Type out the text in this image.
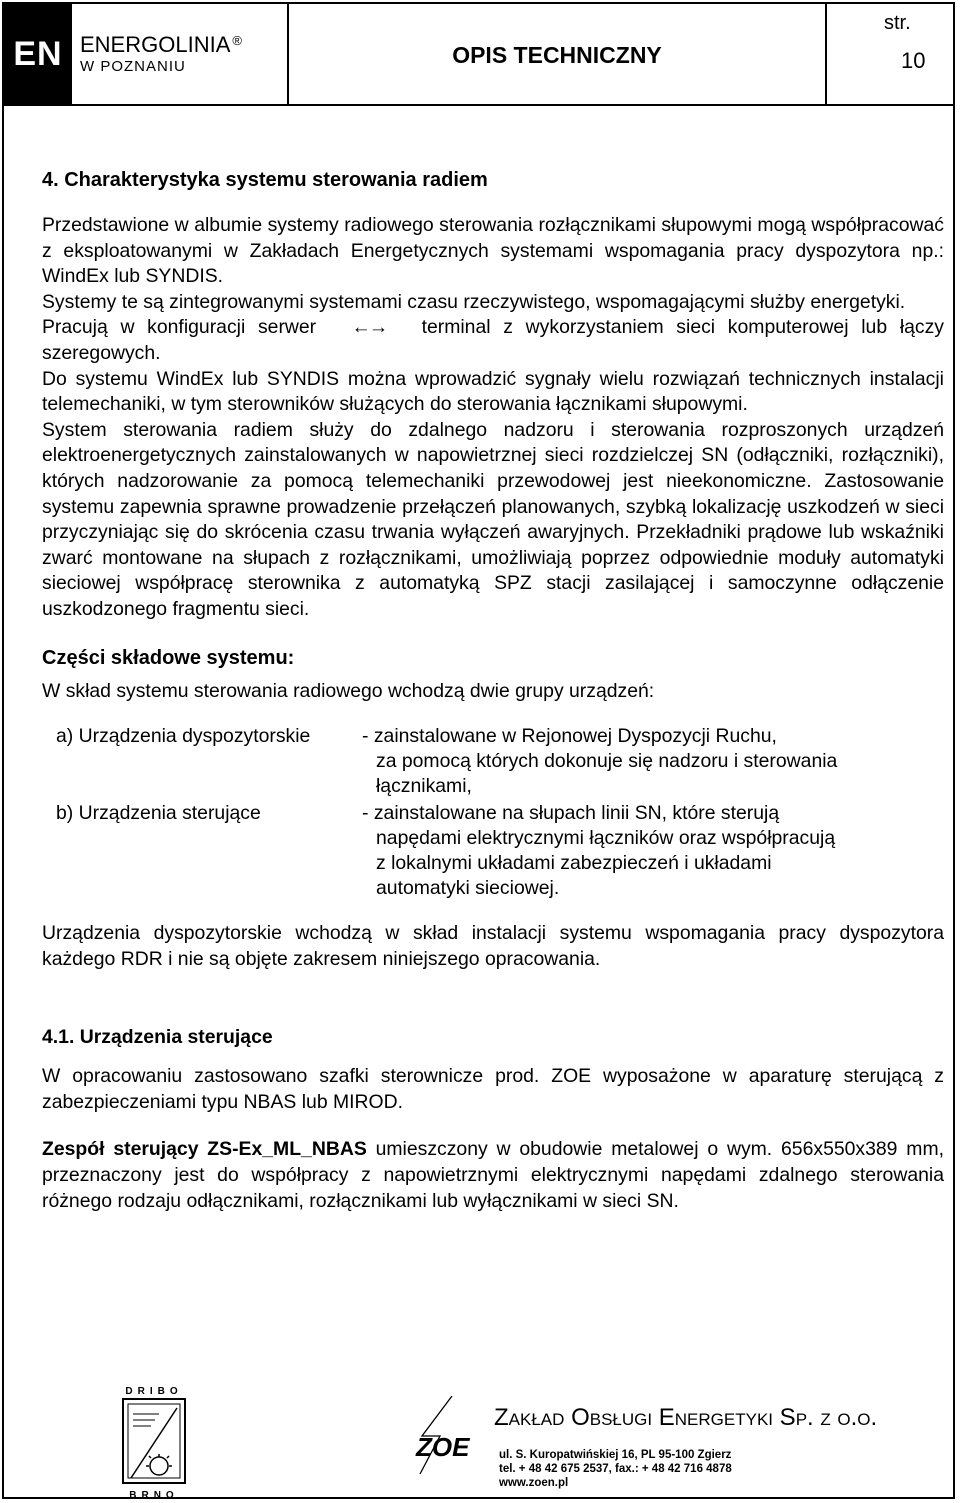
EN ENERGOLINIA ®
W POZNANIU	OPIS TECHNICZNY
str.
10
4. Charakterystyka systemu sterowania radiem

Przedstawione w albumie systemy radiowego sterowania rozłącznikami słupowymi mogą współpracować z eksploatowanymi w Zakładach Energetycznych systemami wspomagania pracy dyspozytora np.: WindEx lub SYNDIS.

Systemy te są zintegrowanymi systemami czasu rzeczywistego, wspomagającymi służby energetyki.

Pracują w konfiguracji serwer ←→ terminal z wykorzystaniem sieci komputerowej lub łączy szeregowych.

Do systemu WindEx lub SYNDIS można wprowadzić sygnały wielu rozwiązań technicznych instalacji telemechaniki, w tym sterowników służących do sterowania łącznikami słupowymi.

System sterowania radiem służy do zdalnego nadzoru i sterowania rozproszonych urządzeń elektroenergetycznych zainstalowanych w napowietrznej sieci rozdzielczej SN (odłączniki, rozłączniki), których nadzorowanie za pomocą telemechaniki przewodowej jest nieekonomiczne. Zastosowanie systemu zapewnia sprawne prowadzenie przełączeń planowanych, szybką lokalizację uszkodzeń w sieci przyczyniając się do skrócenia czasu trwania wyłączeń awaryjnych. Przekładniki prądowe lub wskaźniki zwarć montowane na słupach z rozłącznikami, umożliwiają poprzez odpowiednie moduły automatyki sieciowej współpracę sterownika z automatyką SPZ stacji zasilającej i samoczynne odłączenie uszkodzonego fragmentu sieci.

Części składowe systemu:

W skład systemu sterowania radiowego wchodzą dwie grupy urządzeń:

a) Urządzenia dyspozytorskie	- zainstalowane w Rejonowej Dyspozycji Ruchu,
za pomocą których dokonuje się nadzoru i sterowania
łącznikami,
b) Urządzenia sterujące	- zainstalowane na słupach linii SN, które sterują
napędami elektrycznymi łączników oraz współpracują
z lokalnymi układami zabezpieczeń i układami
automatyki sieciowej.

Urządzenia dyspozytorskie wchodzą w skład instalacji systemu wspomagania pracy dyspozytora każdego RDR i nie są objęte zakresem niniejszego opracowania.

4.1. Urządzenia sterujące

W opracowaniu zastosowano szafki sterownicze prod. ZOE wyposażone w aparaturę sterującą z zabezpieczeniami typu NBAS lub MIROD.

Zespół sterujący ZS-Ex_ML_NBAS umieszczony w obudowie metalowej o wym. 656x550x389 mm, przeznaczony jest do współpracy z napowietrznymi elektrycznymi napędami zdalnego sterowania różnego rodzaju odłącznikami, rozłącznikami lub wyłącznikami w sieci SN.

DRIBO
BRNO
ZOE
Zakład Obsługi Energetyki Sp. z o.o.
ul. S. Kuropatwińskiej 16, PL 95-100 Zgierz
tel. + 48 42 675 2537, fax.: + 48 42 716 4878
www.zoen.pl
